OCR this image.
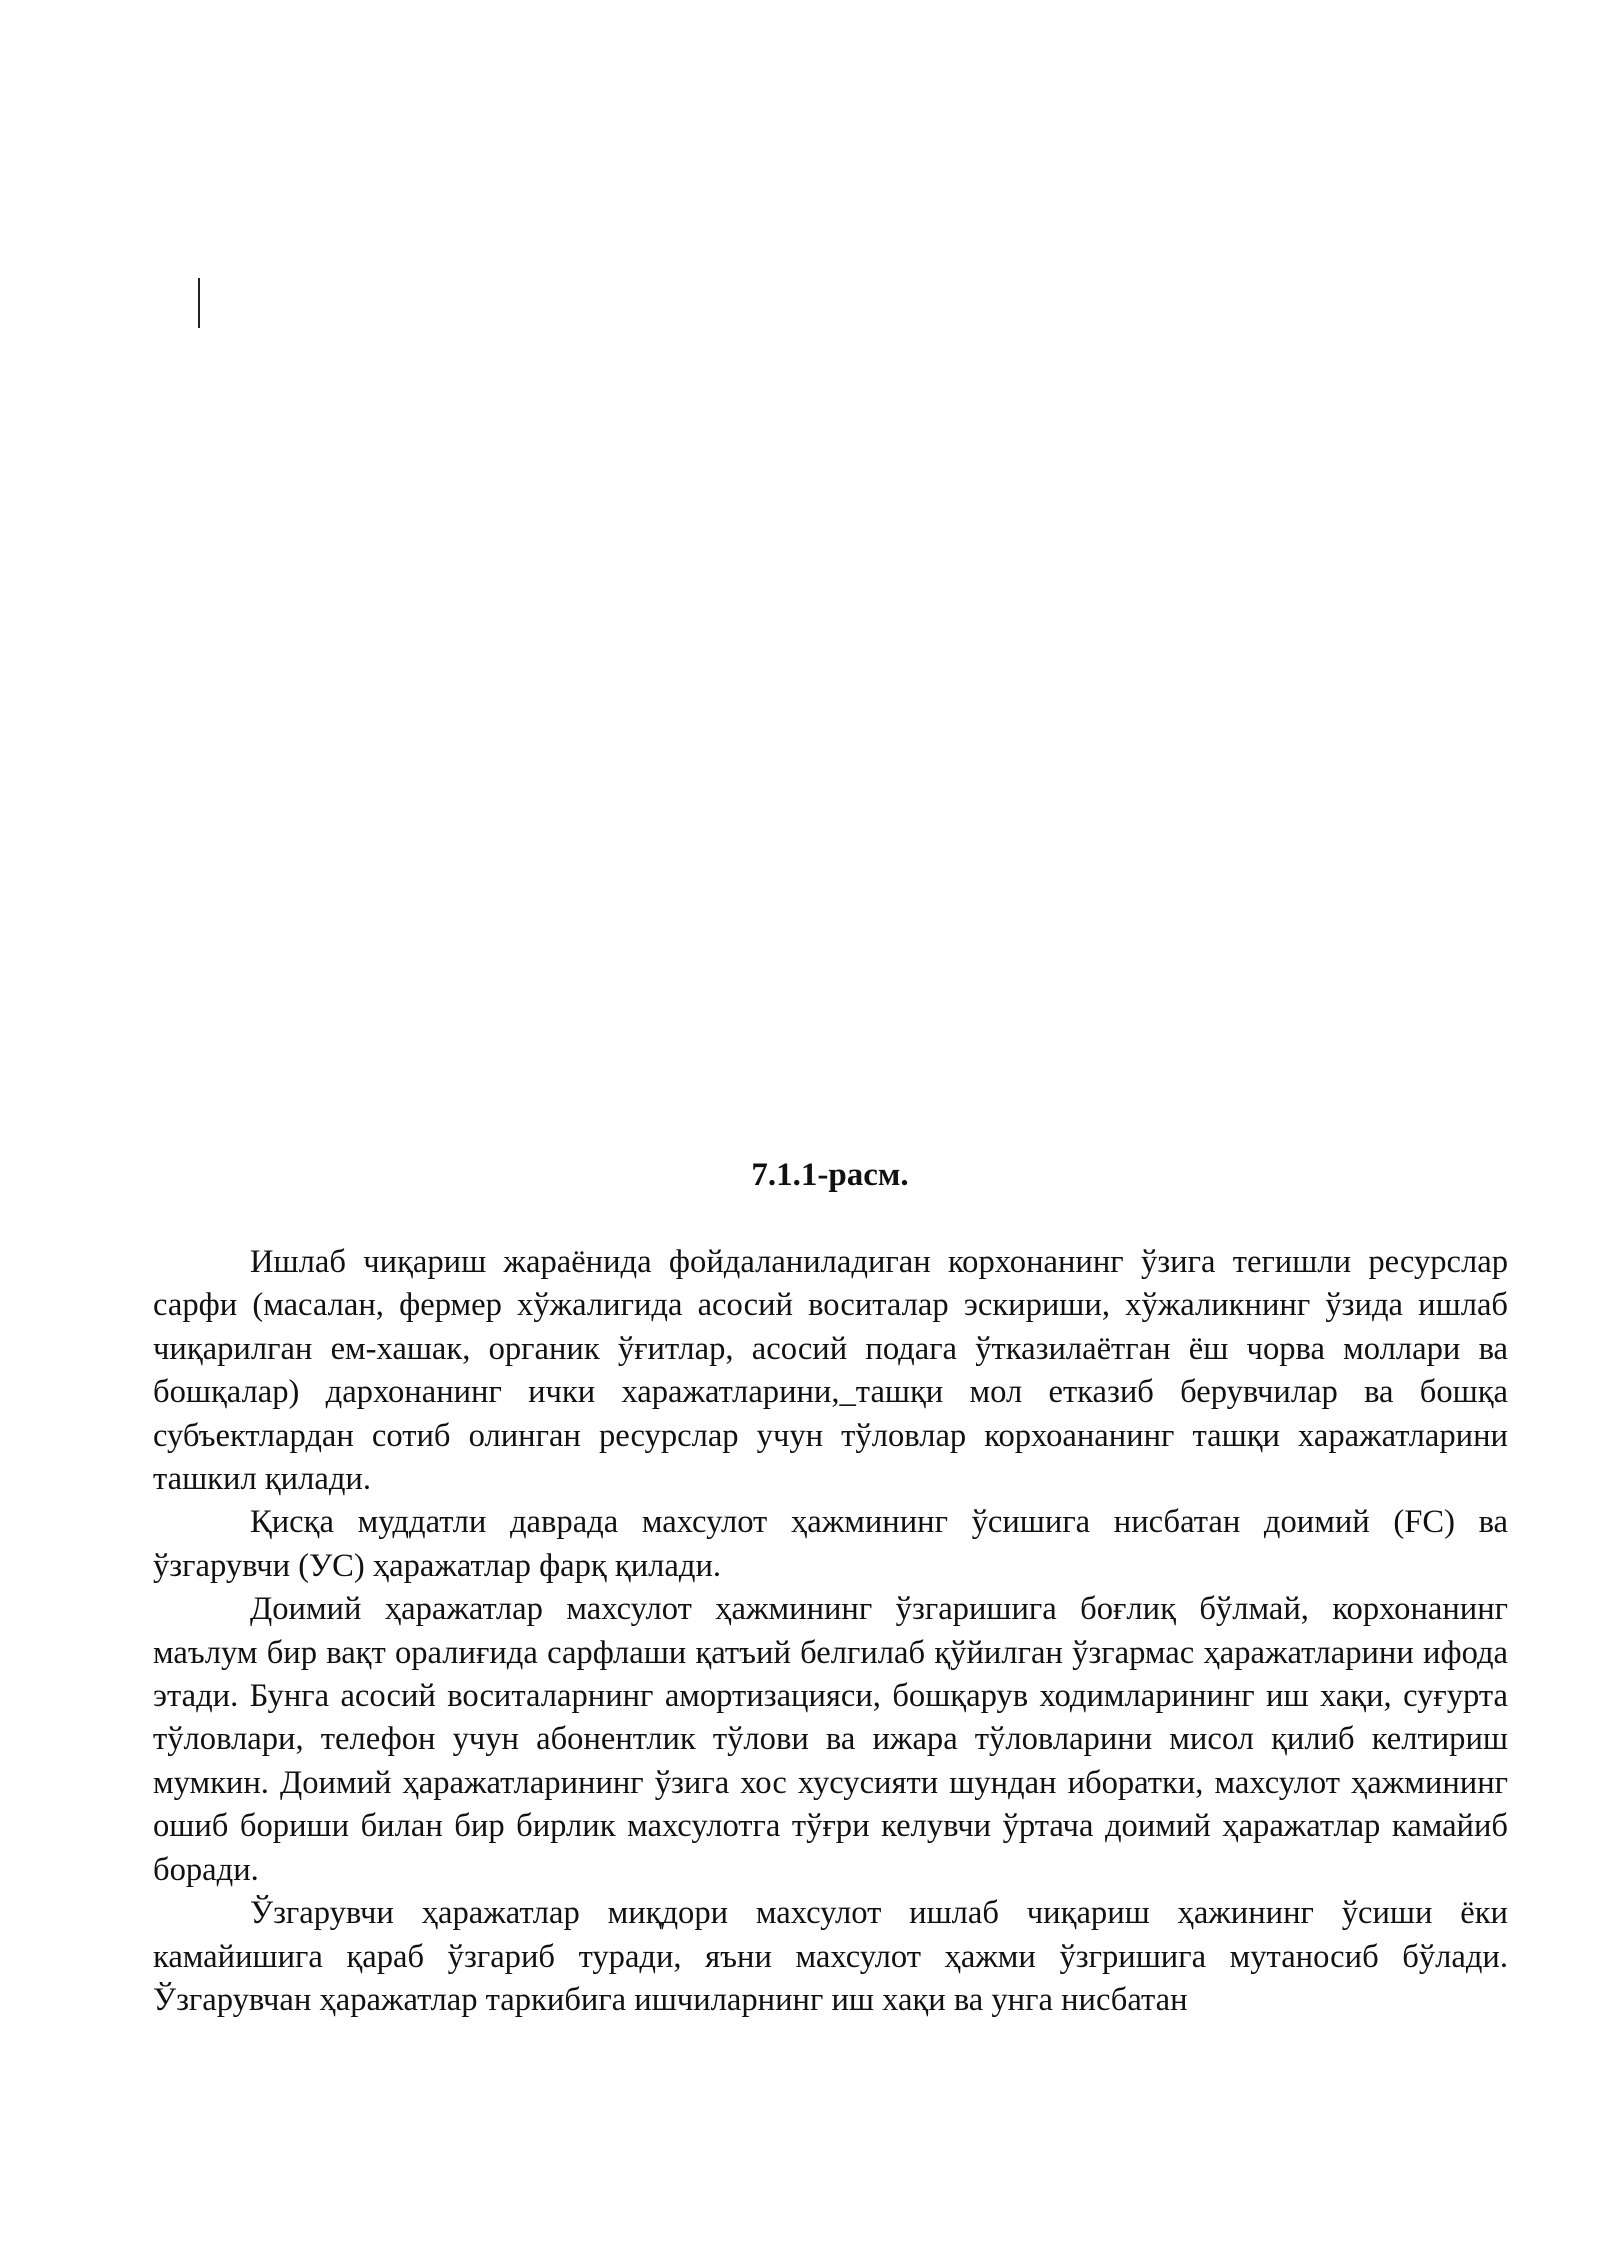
7.1.1-расм.

Ишлаб чиқариш жараёнида фойдаланиладиган корхонанинг ўзига тегишли ресурслар сарфи (масалан, фермер хўжалигида асосий воситалар эскириши, хўжаликнинг ўзида ишлаб чиқарилган ем-хашак, органик ўғитлар, асосий подага ўтказилаётган ёш чорва моллари ва бошқалар) дархонанинг ички харажатларини,_ташқи мол етказиб берувчилар ва бошқа субъектлардан сотиб олинган ресурслар учун тўловлар корхоананинг ташқи харажатларини ташкил қилади.

Қисқа муддатли даврада махсулот ҳажмининг ўсишига нисбатан доимий (FC) ва ўзгарувчи (УС) ҳаражатлар фарқ қилади.

Доимий ҳаражатлар махсулот ҳажмининг ўзгаришига боғлиқ бўлмай, корхонанинг маълум бир вақт оралиғида сарфлаши қатъий белгилаб қўйилган ўзгармас ҳаражатларини ифода этади. Бунга асосий воситаларнинг амортизацияси, бошқарув ходимларининг иш хақи, суғурта тўловлари, телефон учун абонентлик тўлови ва ижара тўловларини мисол қилиб келтириш мумкин. Доимий ҳаражатларининг ўзига хос хусусияти шундан иборатки, махсулот ҳажмининг ошиб бориши билан бир бирлик махсулотга тўғри келувчи ўртача доимий ҳаражатлар камайиб боради.

Ўзгарувчи ҳаражатлар миқдори махсулот ишлаб чиқариш ҳажининг ўсиши ёки камайишига қараб ўзгариб туради, яъни махсулот ҳажми ўзгришига мутаносиб бўлади. Ўзгарувчан ҳаражатлар таркибига ишчиларнинг иш хақи ва унга нисбатан
